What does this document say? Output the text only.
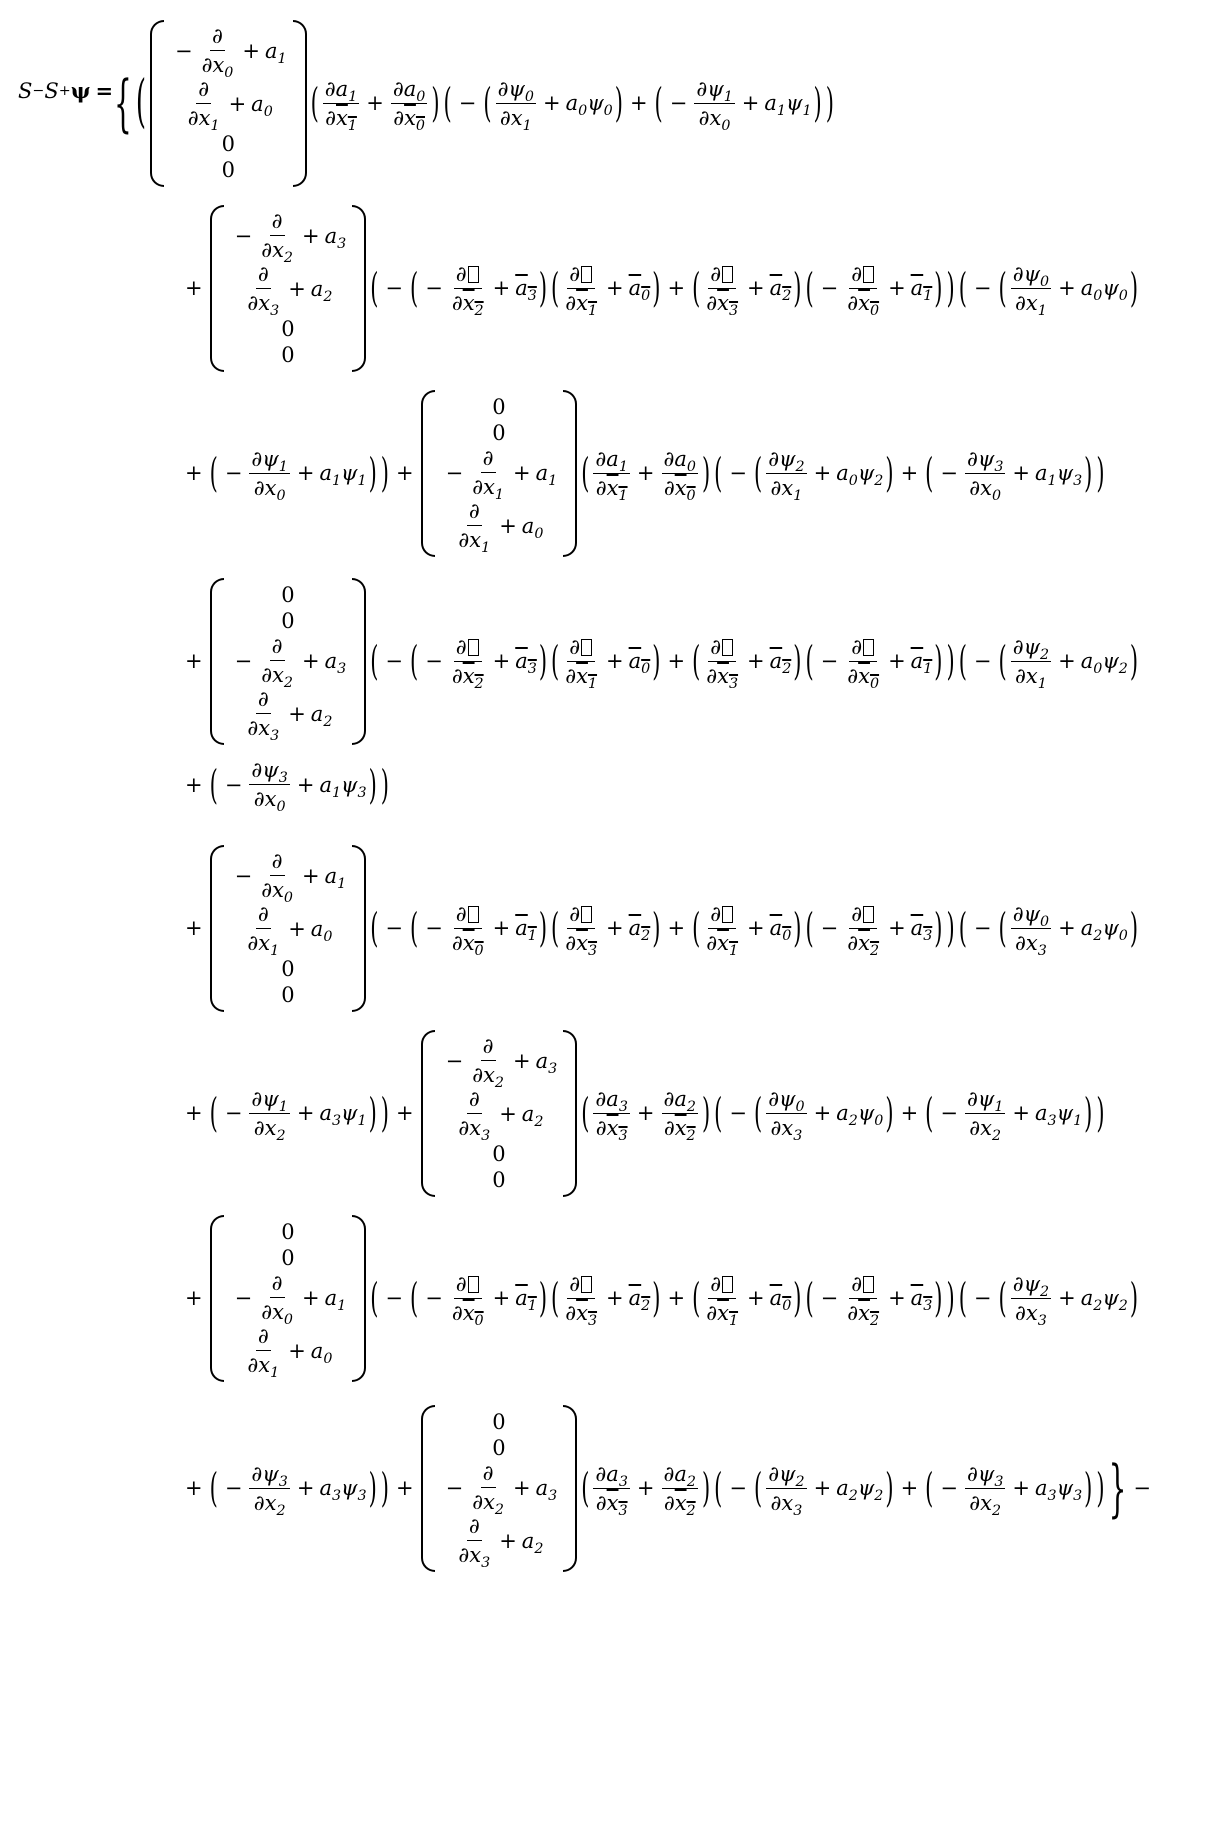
S − S + ψ = { (
− $\frac{\partial}{\partial x_0} + a_1$
$\frac{\partial}{\partial x_1} + a_0$
0
0
( $\frac{\partial a_1}{\partial x_1} + \frac{\partial a_0}{\partial x_0}$ ) ( − ( $\frac{\partial\psi_0}{\partial x_1} + a_0$ $\psi_0$ ) + ( − $\frac{\partial\psi_1}{\partial x_0} + a_1$ $\psi_1$ ) )
+
− $\frac{\partial}{\partial x_2} + a_3$
$\frac{\partial}{\partial x_3} + a_2$
0
0
( − ( − $\frac{\partial}{\partial x_2} + a_3$ ) ( $\frac{\partial}{\partial x_1} + a_0$ ) + ( $\frac{\partial}{\partial x_3} + a_2$ ) ( − $\frac{\partial}{\partial x_0} + a_1$ ) ) ( − ( $\frac{\partial\psi_0}{\partial x_1} + a_0$ $\psi_0$ )
+ ( − $\frac{\partial\psi_1}{\partial x_0} + a_1$ $\psi_1$ ) ) +
0
0
− $\frac{\partial}{\partial x_1} + a_1$
$\frac{\partial}{\partial x_1} + a_0$
( $\frac{\partial a_1}{\partial x_1} + \frac{\partial a_0}{\partial x_0}$ ) ( − ( $\frac{\partial\psi_2}{\partial x_1} + a_0$ $\psi_2$ ) + ( − $\frac{\partial\psi_3}{\partial x_0} + a_1$ $\psi_3$ ) )
+
0
0
− $\frac{\partial}{\partial x_2} + a_3$
$\frac{\partial}{\partial x_3} + a_2$
( − ( − $\frac{\partial}{\partial x_2} + a_3$ ) ( $\frac{\partial}{\partial x_1} + a_0$ ) + ( $\frac{\partial}{\partial x_3} + a_2$ ) ( − $\frac{\partial}{\partial x_0} + a_1$ ) ) ( − ( $\frac{\partial\psi_2}{\partial x_1} + a_0$ $\psi_2$ )
+ ( − $\frac{\partial\psi_3}{\partial x_0} + a_1$ $\psi_3$ ) )
+
− $\frac{\partial}{\partial x_0} + a_1$
$\frac{\partial}{\partial x_1} + a_0$
0
0
( − ( − $\frac{\partial}{\partial x_0} + a_1$ ) ( $\frac{\partial}{\partial x_3} + a_2$ ) + ( $\frac{\partial}{\partial x_1} + a_0$ ) ( − $\frac{\partial}{\partial x_2} + a_3$ ) ) ( − ( $\frac{\partial\psi_0}{\partial x_3} + a_2$ $\psi_0$ )
+ ( − $\frac{\partial\psi_1}{\partial x_2} + a_3$ $\psi_1$ ) ) +
− $\frac{\partial}{\partial x_2} + a_3$
$\frac{\partial}{\partial x_3} + a_2$
0
0
( $\frac{\partial a_3}{\partial x_3} + \frac{\partial a_2}{\partial x_2}$ ) ( − ( $\frac{\partial\psi_0}{\partial x_3} + a_2$ $\psi_0$ ) + ( − $\frac{\partial\psi_1}{\partial x_2} + a_3$ $\psi_1$ ) )
+
0
0
− $\frac{\partial}{\partial x_0} + a_1$
$\frac{\partial}{\partial x_1} + a_0$
( − ( − $\frac{\partial}{\partial x_0} + a_1$ ) ( $\frac{\partial}{\partial x_3} + a_2$ ) + ( $\frac{\partial}{\partial x_1} + a_0$ ) ( − $\frac{\partial}{\partial x_2} + a_3$ ) ) ( − ( $\frac{\partial\psi_2}{\partial x_3} + a_2$ $\psi_2$ )
+ ( − $\frac{\partial\psi_3}{\partial x_2} + a_3$ $\psi_3$ ) ) +
0
0
− $\frac{\partial}{\partial x_2} + a_3$
$\frac{\partial}{\partial x_3} + a_2$
( $\frac{\partial a_3}{\partial x_3} + \frac{\partial a_2}{\partial x_2}$ ) ( − ( $\frac{\partial\psi_2}{\partial x_3} + a_2$ $\psi_2$ ) + ( − $\frac{\partial\psi_3}{\partial x_2} + a_3$ $\psi_3$ ) ) } −
